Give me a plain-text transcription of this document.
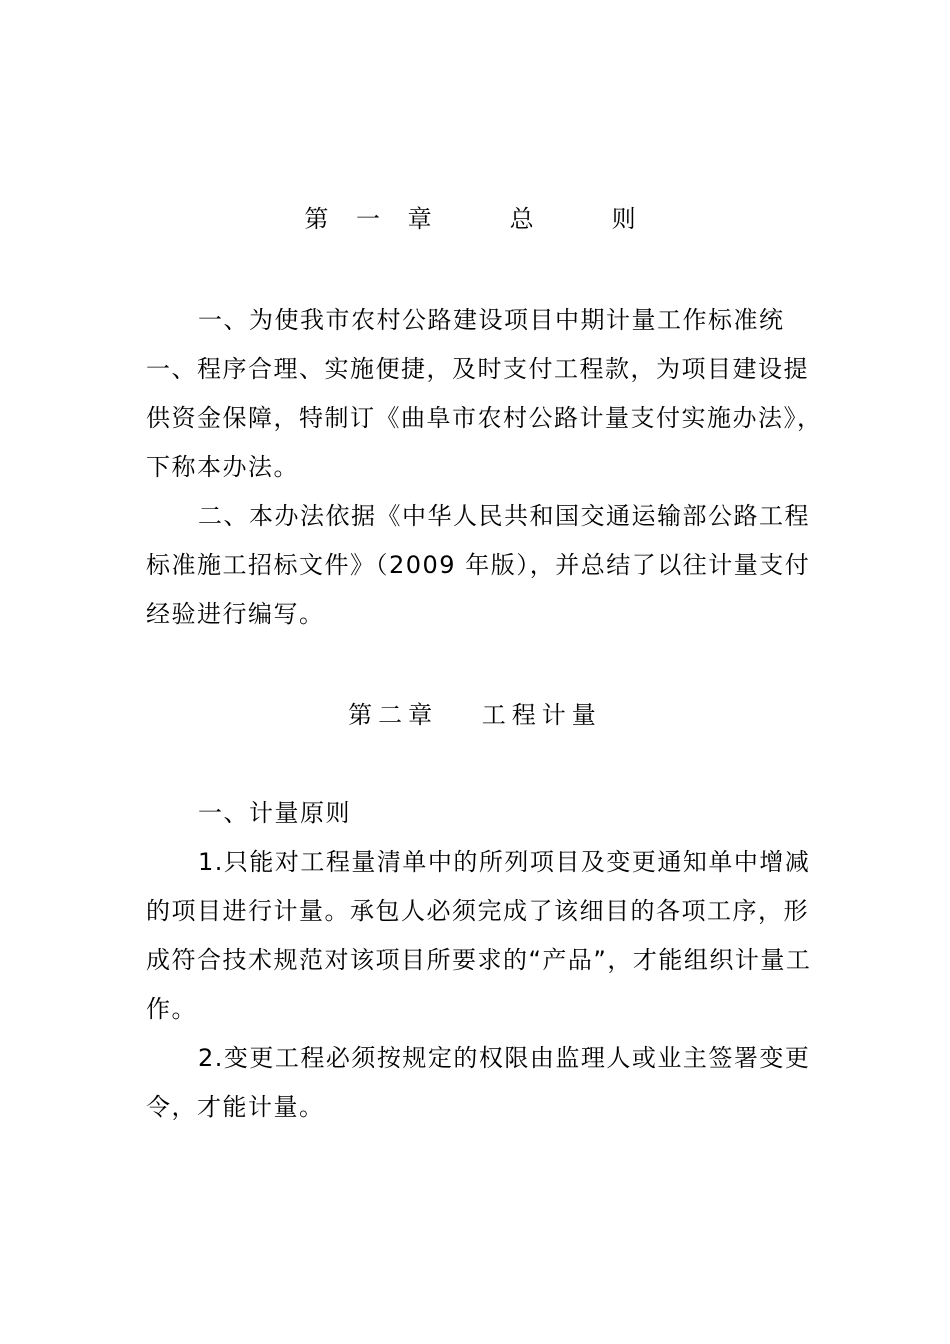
第 一 章　　总　　则
一、为使我市农村公路建设项目中期计量工作标准统
一、程序合理、实施便捷，及时支付工程款，为项目建设提
供资金保障，特制订《曲阜市农村公路计量支付实施办法》，
下称本办法。
二、本办法依据《中华人民共和国交通运输部公路工程
标准施工招标文件》（2009 年版），并总结了以往计量支付
经验进行编写。
第二章　 工程计量
一、计量原则
1.只能对工程量清单中的所列项目及变更通知单中增减
的项目进行计量。承包人必须完成了该细目的各项工序，形
成符合技术规范对该项目所要求的“产品”，才能组织计量工
作。
2.变更工程必须按规定的权限由监理人或业主签署变更
令，才能计量。
